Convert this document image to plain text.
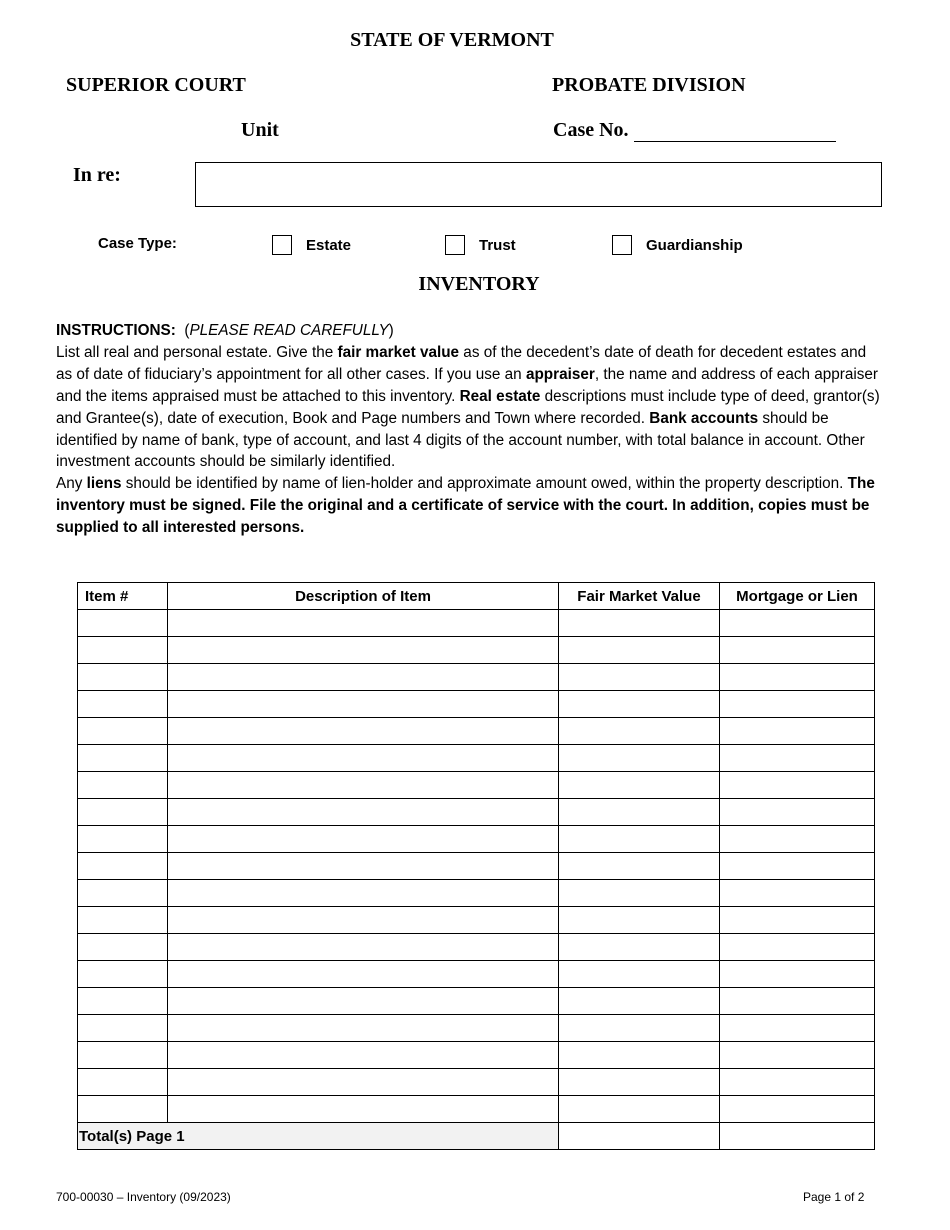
STATE OF VERMONT
SUPERIOR COURT	PROBATE DIVISION
Unit	Case No.
In re:
Case Type:	Estate	Trust	Guardianship
INVENTORY

INSTRUCTIONS:  (PLEASE READ CAREFULLY)

List all real and personal estate. Give the fair market value as of the decedent’s date of death for decedent estates and as of date of fiduciary’s appointment for all other cases. If you use an appraiser, the name and address of each appraiser and the items appraised must be attached to this inventory. Real estate descriptions must include type of deed, grantor(s) and Grantee(s), date of execution, Book and Page numbers and Town where recorded. Bank accounts should be identified by name of bank, type of account, and last 4 digits of the account number, with total balance in account. Other investment accounts should be similarly identified.

Any liens should be identified by name of lien-holder and approximate amount owed, within the property description. The inventory must be signed. File the original and a certificate of service with the court. In addition, copies must be supplied to all interested persons.

Item #	Description of Item	Fair Market Value	Mortgage or Lien

Total(s) Page 1			
700-00030 – Inventory (09/2023)	Page 1 of 2
